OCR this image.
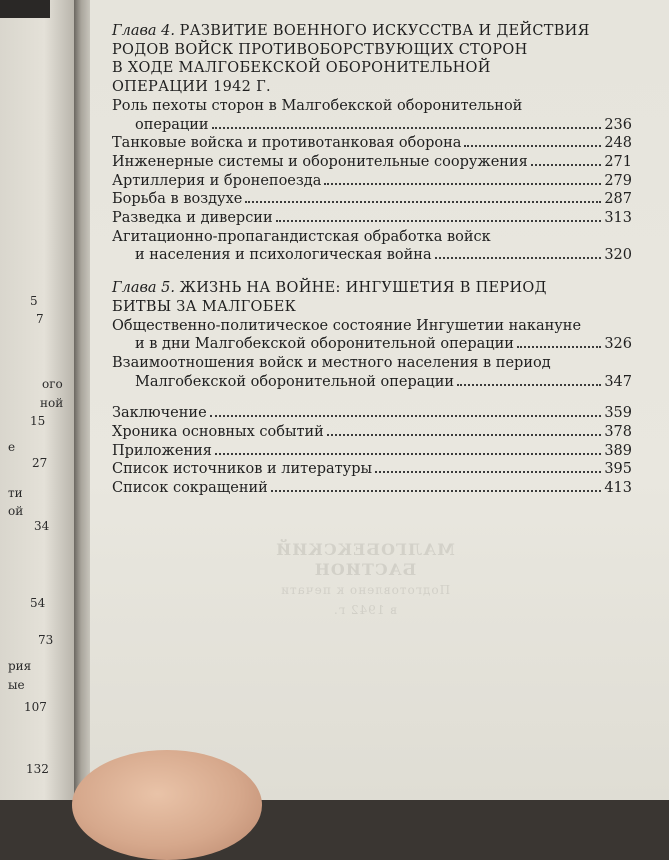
5
7
ого
ной
15
е
27
ти
ой
34
54
73
рия
ые
107
132
МАЛГОБЕКСКИЙ БАСТИОН
Подготовлено к печати
в 1942 г.
Глава 4. РАЗВИТИЕ ВОЕННОГО ИСКУССТВА И ДЕЙСТВИЯ
РОДОВ ВОЙСК ПРОТИВОБОРСТВУЮЩИХ СТОРОН
В ХОДЕ МАЛГОБЕКСКОЙ ОБОРОНИТЕЛЬНОЙ
ОПЕРАЦИИ 1942 Г.
Роль пехоты сторон в Малгобекской оборонительной
операции	236
Танковые войска и противотанковая оборона	248
Инженерные системы и оборонительные сооружения	271
Артиллерия и бронепоезда	279
Борьба в воздухе	287
Разведка и диверсии	313
Агитационно-пропагандистская обработка войск
и населения и психологическая война	320
Глава 5. ЖИЗНЬ НА ВОЙНЕ: ИНГУШЕТИЯ В ПЕРИОД
БИТВЫ ЗА МАЛГОБЕК
Общественно-политическое состояние Ингушетии накануне
и в дни Малгобекской оборонительной операции	326
Взаимоотношения войск и местного населения в период
Малгобекской оборонительной операции	347
Заключение	359
Хроника основных событий	378
Приложения	389
Список источников и литературы	395
Список сокращений	413
